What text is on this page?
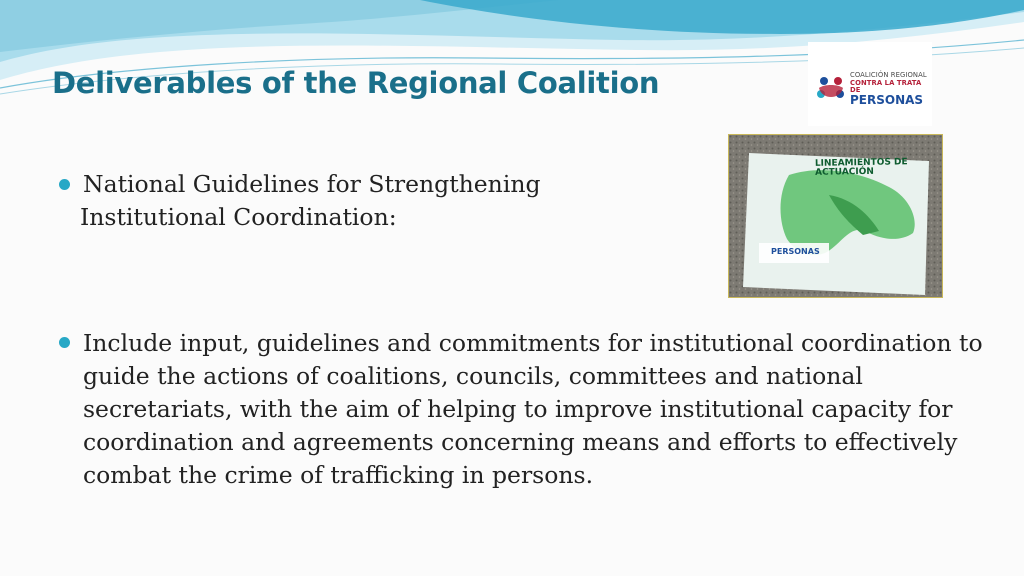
Deliverables of the Regional Coalition	COALICIÓN REGIONAL
CONTRA LA TRATA DE
PERSONAS
LINEAMIENTOS DE ACTUACIÓN
PERSONAS
National Guidelines for Strengthening
Institutional Coordination:
Include input, guidelines and commitments for institutional coordination to guide the actions of coalitions, councils, committees and national secretariats, with the aim of helping to improve institutional capacity for coordination and agreements concerning means and efforts to effectively combat the crime of trafficking in persons.
